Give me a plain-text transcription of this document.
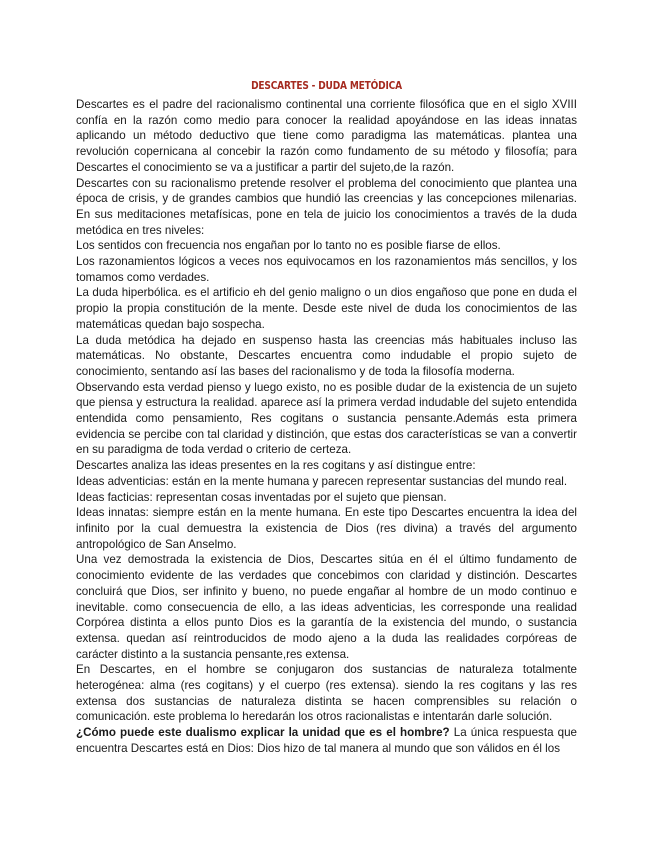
DESCARTES - DUDA METÓDICA

Descartes es el padre del racionalismo continental una corriente filosófica que en el siglo XVIII confía en la razón como medio para conocer la realidad apoyándose en las ideas innatas aplicando un método deductivo que tiene como paradigma las matemáticas. plantea una revolución copernicana al concebir la razón como fundamento de su método y filosofía; para Descartes el conocimiento se va a justificar a partir del sujeto,de la razón.

Descartes con su racionalismo pretende resolver el problema del conocimiento que plantea una época de crisis, y de grandes cambios que hundió las creencias y las concepciones milenarias. En sus meditaciones metafísicas, pone en tela de juicio los conocimientos a través de la duda metódica en tres niveles:

Los sentidos con frecuencia nos engañan por lo tanto no es posible fiarse de ellos.

Los razonamientos lógicos a veces nos equivocamos en los razonamientos más sencillos, y los tomamos como verdades.

La duda hiperbólica. es el artificio eh del genio maligno o un dios engañoso que pone en duda el propio la propia constitución de la mente. Desde este nivel de duda los conocimientos de las matemáticas quedan bajo sospecha.

La duda metódica ha dejado en suspenso hasta las creencias más habituales incluso las matemáticas. No obstante, Descartes encuentra como indudable el propio sujeto de conocimiento, sentando así las bases del racionalismo y de toda la filosofía moderna.

Observando esta verdad pienso y luego existo, no es posible dudar de la existencia de un sujeto que piensa y estructura la realidad. aparece así la primera verdad indudable del sujeto entendida entendida como pensamiento, Res cogitans o sustancia pensante.Además esta primera evidencia se percibe con tal claridad y distinción, que estas dos características se van a convertir en su paradigma de toda verdad o criterio de certeza.

Descartes analiza las ideas presentes en la res cogitans y así distingue entre:

Ideas adventicias: están en la mente humana y parecen representar sustancias del mundo real.

Ideas facticias: representan cosas inventadas por el sujeto que piensan.

Ideas innatas: siempre están en la mente humana. En este tipo Descartes encuentra la idea del infinito por la cual demuestra la existencia de Dios (res divina) a través del argumento antropológico de San Anselmo.

Una vez demostrada la existencia de Dios, Descartes sitúa en él el último fundamento de conocimiento evidente de las verdades que concebimos con claridad y distinción. Descartes concluirá que Dios, ser infinito y bueno, no puede engañar al hombre de un modo continuo e inevitable. como consecuencia de ello, a las ideas adventicias, les corresponde una realidad Corpórea distinta a ellos punto Dios es la garantía de la existencia del mundo, o sustancia extensa. quedan así reintroducidos de modo ajeno a la duda las realidades corpóreas de carácter distinto a la sustancia pensante,res extensa.

En Descartes, en el hombre se conjugaron dos sustancias de naturaleza totalmente heterogénea: alma (res cogitans) y el cuerpo (res extensa). siendo la res cogitans y las res extensa dos sustancias de naturaleza distinta se hacen comprensibles su relación o comunicación. este problema lo heredarán los otros racionalistas e intentarán darle solución.

¿Cómo puede este dualismo explicar la unidad que es el hombre? La única respuesta que encuentra Descartes está en Dios: Dios hizo de tal manera al mundo que son válidos en él los
